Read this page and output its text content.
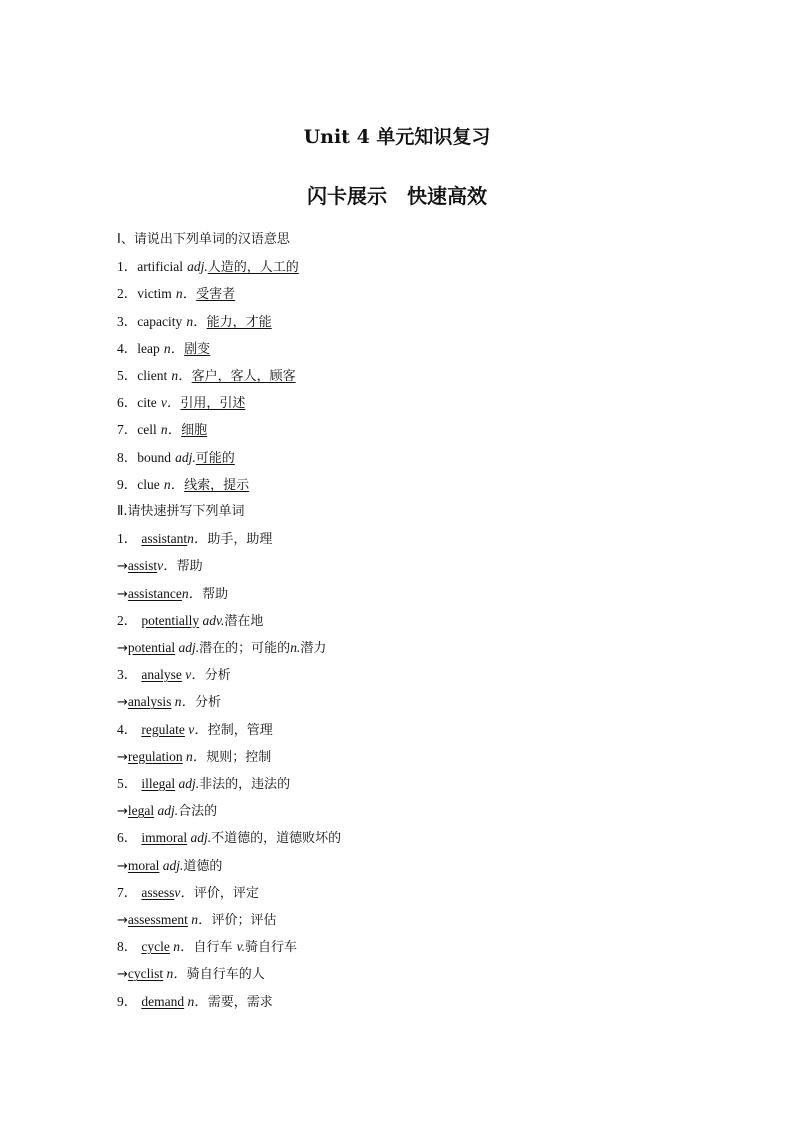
Unit 4 单元知识复习
闪卡展示　快速高效
Ⅰ、请说出下列单词的汉语意思
1．artificial adj.人造的，人工的
2．victim n．受害者
3．capacity n．能力，才能
4．leap n．剧变
5．client n．客户，客人，顾客
6．cite v．引用，引述
7．cell n．细胞
8．bound adj.可能的
9．clue n．线索，提示
Ⅱ.请快速拼写下列单词
1． assistantn．助手，助理
→assistv．帮助
→assistancen．帮助
2． potentially adv.潜在地
→potential adj.潜在的；可能的n.潜力
3． analyse v．分析
→analysis n．分析
4． regulate v．控制，管理
→regulation n．规则；控制
5． illegal adj.非法的，违法的
→legal adj.合法的
6． immoral adj.不道德的，道德败坏的
→moral adj.道德的
7． assessv．评价，评定
→assessment n．评价；评估
8． cycle n．自行车 v.骑自行车
→cyclist n．骑自行车的人
9． demand n．需要，需求
